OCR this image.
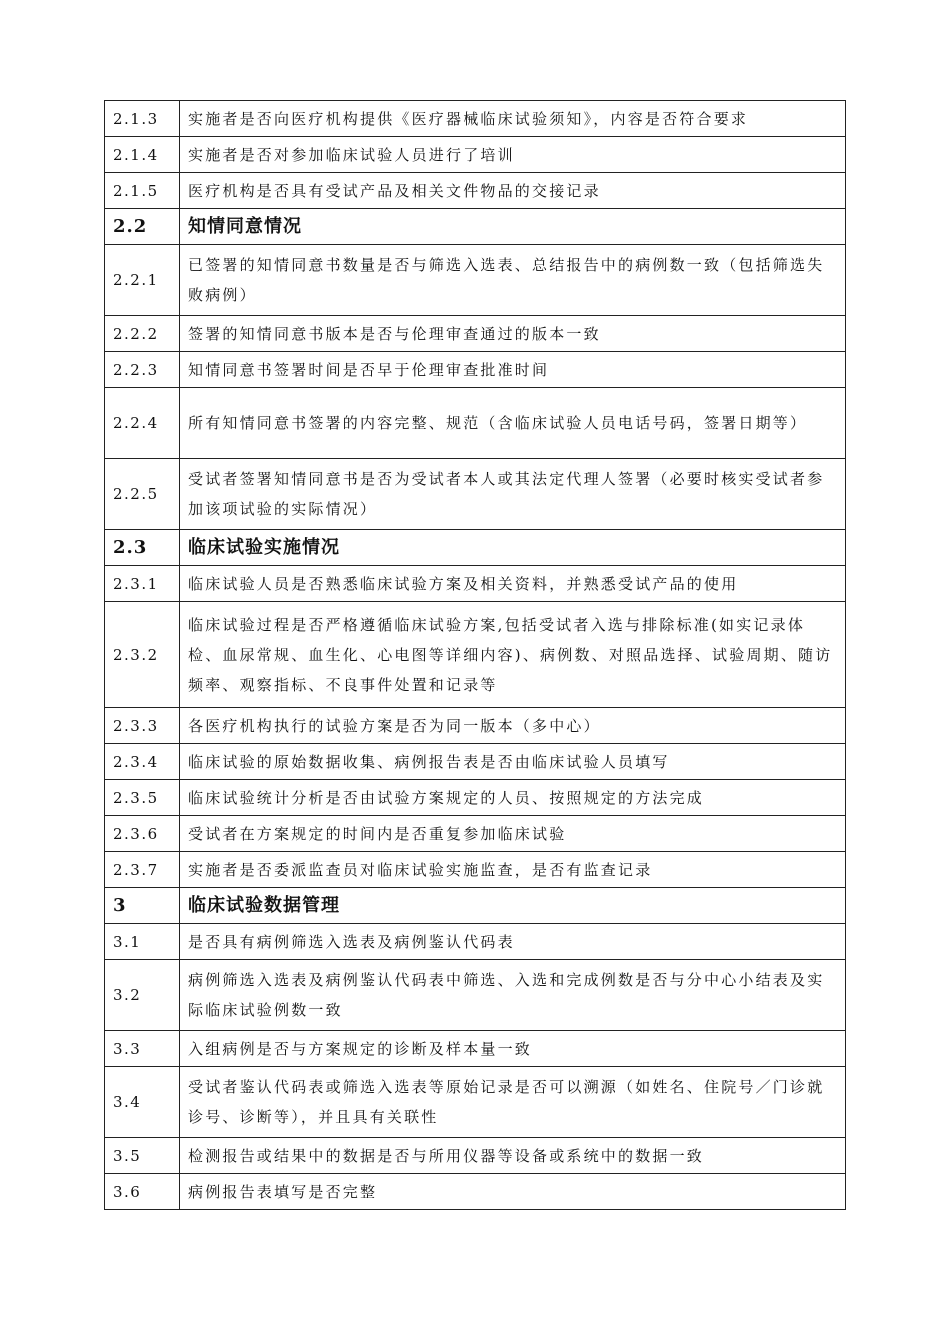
2.1.3	实施者是否向医疗机构提供《医疗器械临床试验须知》，内容是否符合要求
2.1.4	实施者是否对参加临床试验人员进行了培训
2.1.5	医疗机构是否具有受试产品及相关文件物品的交接记录
2.2	知情同意情况
2.2.1	已签署的知情同意书数量是否与筛选入选表、总结报告中的病例数一致（包括筛选失败病例）
2.2.2	签署的知情同意书版本是否与伦理审查通过的版本一致
2.2.3	知情同意书签署时间是否早于伦理审查批准时间
2.2.4	所有知情同意书签署的内容完整、规范（含临床试验人员电话号码，签署日期等）
2.2.5	受试者签署知情同意书是否为受试者本人或其法定代理人签署（必要时核实受试者参加该项试验的实际情况）
2.3	临床试验实施情况
2.3.1	临床试验人员是否熟悉临床试验方案及相关资料，并熟悉受试产品的使用
2.3.2	临床试验过程是否严格遵循临床试验方案,包括受试者入选与排除标准(如实记录体检、血尿常规、血生化、心电图等详细内容)、病例数、对照品选择、试验周期、随访频率、观察指标、不良事件处置和记录等
2.3.3	各医疗机构执行的试验方案是否为同一版本（多中心）
2.3.4	临床试验的原始数据收集、病例报告表是否由临床试验人员填写
2.3.5	临床试验统计分析是否由试验方案规定的人员、按照规定的方法完成
2.3.6	受试者在方案规定的时间内是否重复参加临床试验
2.3.7	实施者是否委派监查员对临床试验实施监查，是否有监查记录
3	临床试验数据管理
3.1	是否具有病例筛选入选表及病例鉴认代码表
3.2	病例筛选入选表及病例鉴认代码表中筛选、入选和完成例数是否与分中心小结表及实际临床试验例数一致
3.3	入组病例是否与方案规定的诊断及样本量一致
3.4	受试者鉴认代码表或筛选入选表等原始记录是否可以溯源（如姓名、住院号／门诊就诊号、诊断等），并且具有关联性
3.5	检测报告或结果中的数据是否与所用仪器等设备或系统中的数据一致
3.6	病例报告表填写是否完整
